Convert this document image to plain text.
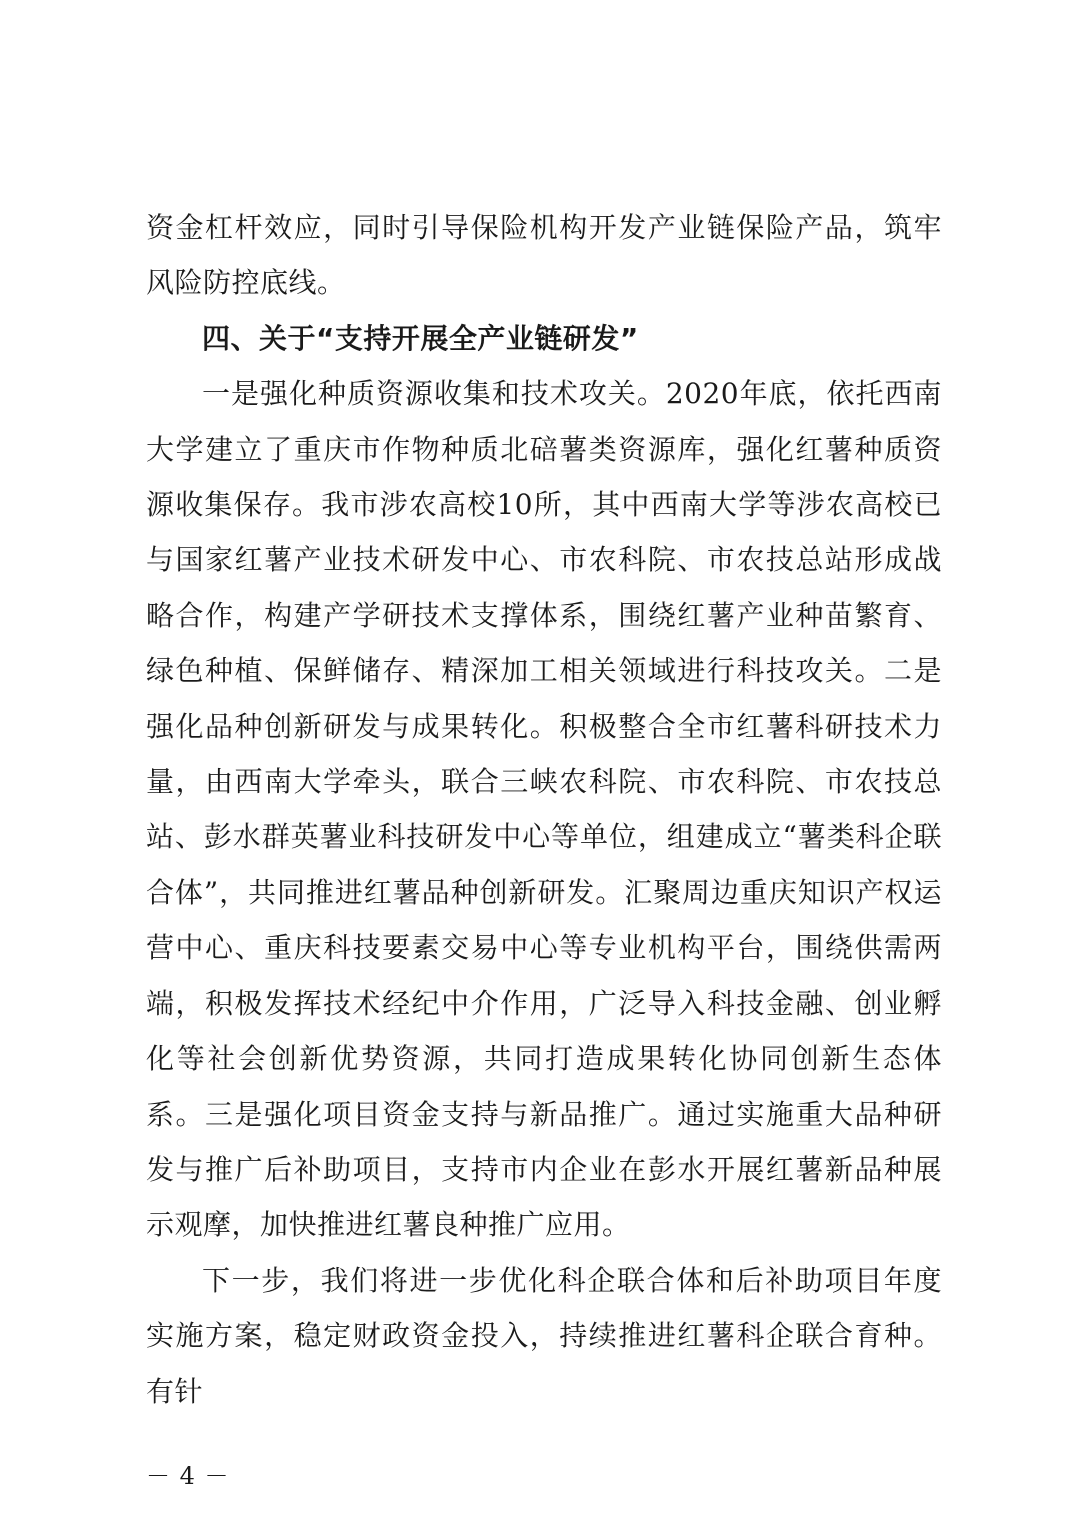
资金杠杆效应，同时引导保险机构开发产业链保险产品，筑牢风险防控底线。

四、关于“支持开展全产业链研发”

一是强化种质资源收集和技术攻关。2020年底，依托西南大学建立了重庆市作物种质北碚薯类资源库，强化红薯种质资源收集保存。我市涉农高校10所，其中西南大学等涉农高校已与国家红薯产业技术研发中心、市农科院、市农技总站形成战略合作，构建产学研技术支撑体系，围绕红薯产业种苗繁育、绿色种植、保鲜储存、精深加工相关领域进行科技攻关。二是强化品种创新研发与成果转化。积极整合全市红薯科研技术力量，由西南大学牵头，联合三峡农科院、市农科院、市农技总站、彭水群英薯业科技研发中心等单位，组建成立“薯类科企联合体”，共同推进红薯品种创新研发。汇聚周边重庆知识产权运营中心、重庆科技要素交易中心等专业机构平台，围绕供需两端，积极发挥技术经纪中介作用，广泛导入科技金融、创业孵化等社会创新优势资源，共同打造成果转化协同创新生态体系。三是强化项目资金支持与新品推广。通过实施重大品种研发与推广后补助项目，支持市内企业在彭水开展红薯新品种展示观摩，加快推进红薯良种推广应用。

下一步，我们将进一步优化科企联合体和后补助项目年度实施方案，稳定财政资金投入，持续推进红薯科企联合育种。有针

－ 4 －
